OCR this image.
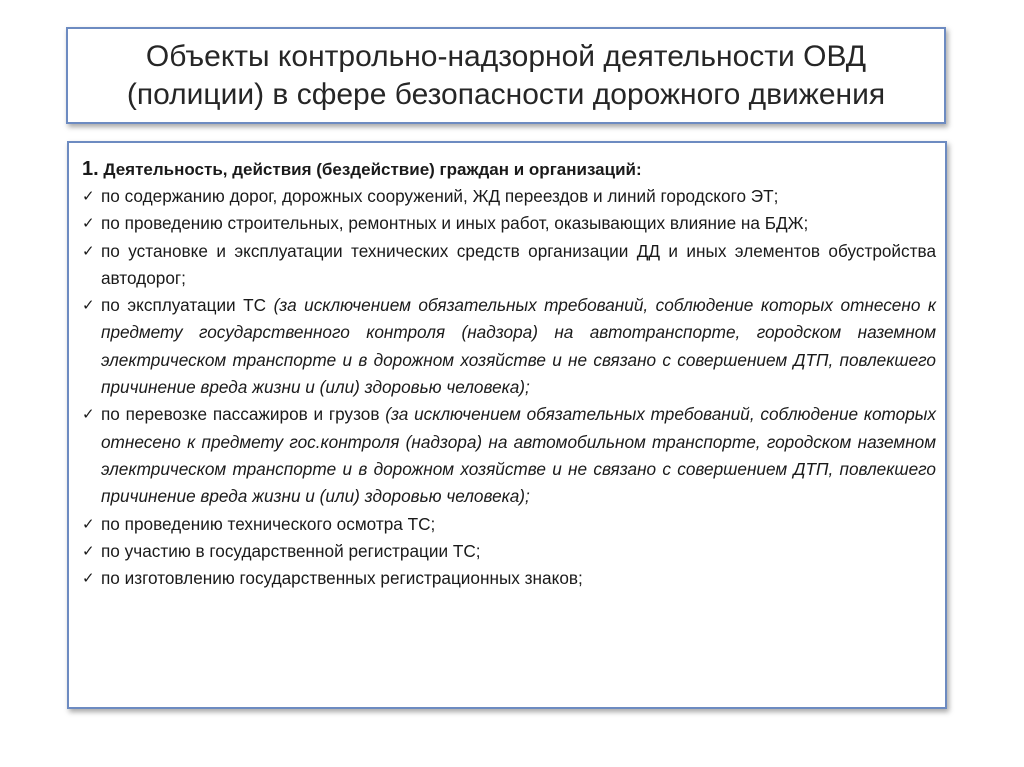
Объекты контрольно-надзорной деятельности ОВД
(полиции) в сфере безопасности дорожного движения
1. Деятельность, действия (бездействие) граждан и организаций:
✓ по содержанию дорог, дорожных сооружений, ЖД переездов и линий городского ЭТ;
✓ по проведению строительных, ремонтных и иных работ, оказывающих влияние на БДЖ;
✓ по установке и эксплуатации технических средств организации ДД и иных элементов обустройства автодорог;
✓ по эксплуатации ТС (за исключением обязательных требований, соблюдение которых отнесено к предмету государственного контроля (надзора) на автотранспорте, городском наземном электрическом транспорте и в дорожном хозяйстве и не связано с совершением ДТП, повлекшего причинение вреда жизни и (или) здоровью человека);
✓ по перевозке пассажиров и грузов (за исключением обязательных требований, соблюдение которых отнесено к предмету гос.контроля (надзора) на автомобильном транспорте, городском наземном электрическом транспорте и в дорожном хозяйстве и не связано с совершением ДТП, повлекшего причинение вреда жизни и (или) здоровью человека);
✓ по проведению технического осмотра ТС;
✓ по участию в государственной регистрации ТС;
✓ по изготовлению государственных регистрационных знаков;
